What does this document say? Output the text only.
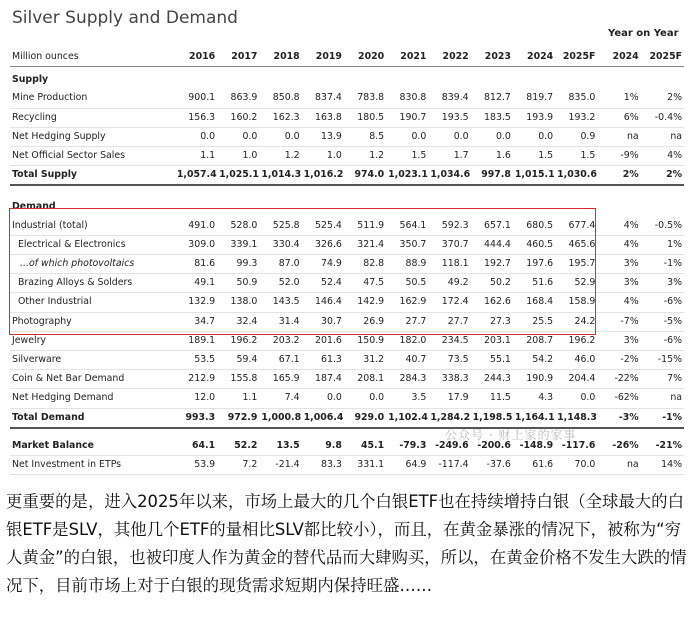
Silver Supply and Demand
Year on Year
Million ounces	2016	2017	2018	2019	2020	2021	2022	2023	2024	2025F	2024	2025F
Supply												
Mine Production	900.1	863.9	850.8	837.4	783.8	830.8	839.4	812.7	819.7	835.0	1%	2%
Recycling	156.3	160.2	162.3	163.8	180.5	190.7	193.5	183.5	193.9	193.2	6%	-0.4%
Net Hedging Supply	0.0	0.0	0.0	13.9	8.5	0.0	0.0	0.0	0.0	0.9	na	na
Net Official Sector Sales	1.1	1.0	1.2	1.0	1.2	1.5	1.7	1.6	1.5	1.5	-9%	4%
Total Supply	1,057.4	1,025.1	1,014.3	1,016.2	974.0	1,023.1	1,034.6	997.8	1,015.1	1,030.6	2%	2%

Demand												
Industrial (total)	491.0	528.0	525.8	525.4	511.9	564.1	592.3	657.1	680.5	677.4	4%	-0.5%
Electrical & Electronics	309.0	339.1	330.4	326.6	321.4	350.7	370.7	444.4	460.5	465.6	4%	1%
...of which photovoltaics	81.6	99.3	87.0	74.9	82.8	88.9	118.1	192.7	197.6	195.7	3%	-1%
Brazing Alloys & Solders	49.1	50.9	52.0	52.4	47.5	50.5	49.2	50.2	51.6	52.9	3%	3%
Other Industrial	132.9	138.0	143.5	146.4	142.9	162.9	172.4	162.6	168.4	158.9	4%	-6%
Photography	34.7	32.4	31.4	30.7	26.9	27.7	27.7	27.3	25.5	24.2	-7%	-5%
Jewelry	189.1	196.2	203.2	201.6	150.9	182.0	234.5	203.1	208.7	196.2	3%	-6%
Silverware	53.5	59.4	67.1	61.3	31.2	40.7	73.5	55.1	54.2	46.0	-2%	-15%
Coin & Net Bar Demand	212.9	155.8	165.9	187.4	208.1	284.3	338.3	244.3	190.9	204.4	-22%	7%
Net Hedging Demand	12.0	1.1	7.4	0.0	0.0	3.5	17.9	11.5	4.3	0.0	-62%	na
Total Demand	993.3	972.9	1,000.8	1,006.4	929.0	1,102.4	1,284.2	1,198.5	1,164.1	1,148.3	-3%	-1%

Market Balance	64.1	52.2	13.5	9.8	45.1	-79.3	-249.6	-200.6	-148.9	-117.6	-26%	-21%
Net Investment in ETPs	53.9	7.2	-21.4	83.3	331.1	64.9	-117.4	-37.6	61.6	70.0	na	14%
公众号 · 财上家的家事
更重要的是，进入2025年以来，市场上最大的几个白银ETF也在持续增持白银（全球最大的白银ETF是SLV，其他几个ETF的量相比SLV都比较小），而且，在黄金暴涨的情况下，被称为“穷人黄金”的白银，也被印度人作为黄金的替代品而大肆购买，所以，在黄金价格不发生大跌的情况下，目前市场上对于白银的现货需求短期内保持旺盛……
